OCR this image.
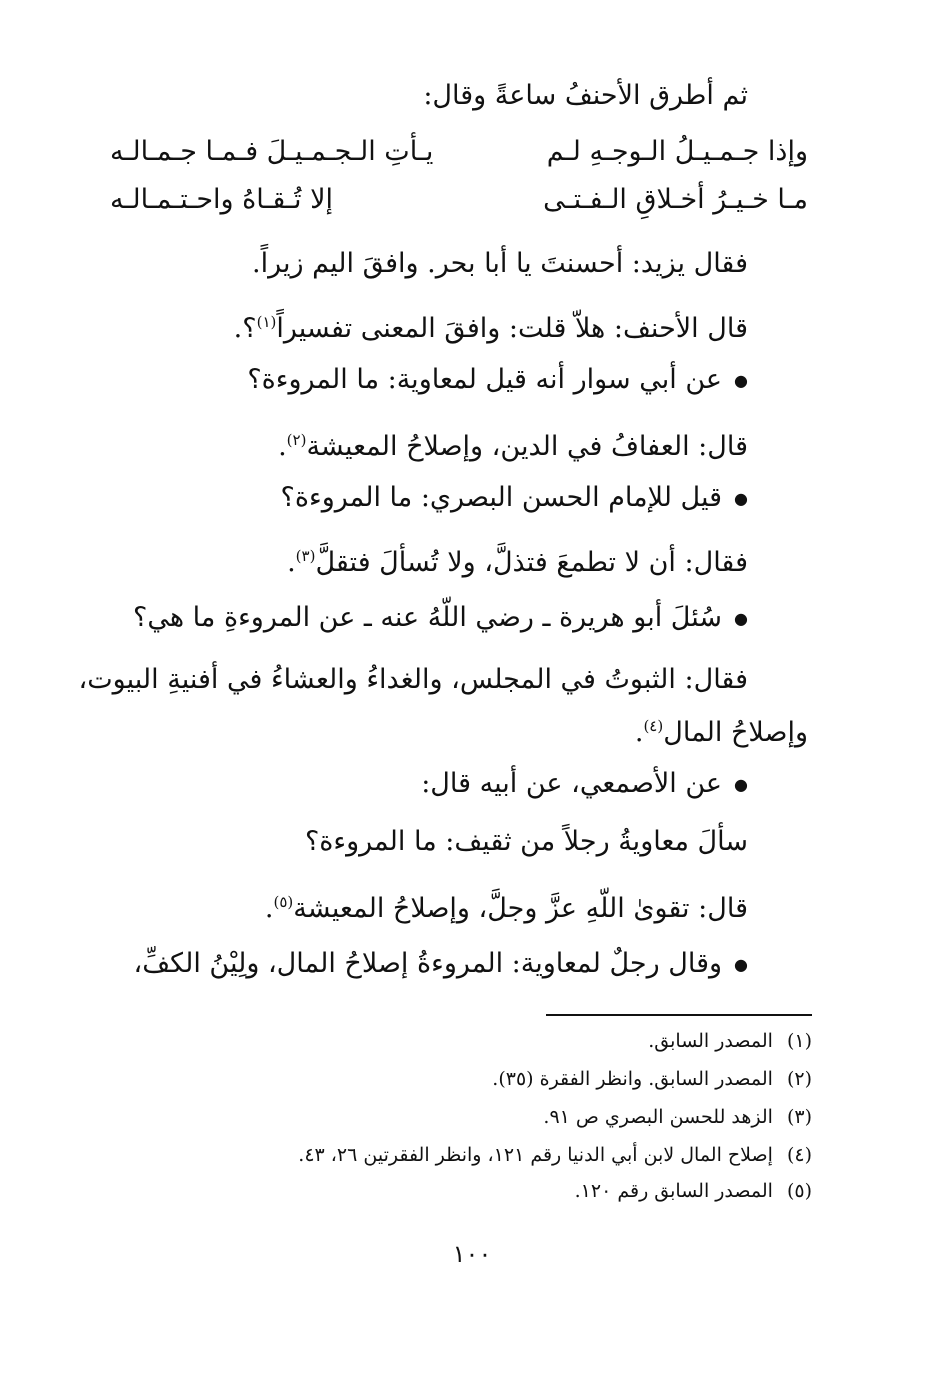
ثم أطرق الأحنفُ ساعةً وقال:
وإذا جـمـيـلُ الـوجـهِ لـم
يـأتِ الـجـمـيـلَ فـمـا جـمـالـه
مـا خـيـرُ أخـلاقِ الـفـتـى
إلا تُـقـاهُ واحـتـمـالـه
فقال يزيد: أحسنتَ يا أبا بحر. وافقَ اليم زيراً.
قال الأحنف: هلاّ قلت: وافقَ المعنى تفسيراً$^{(١)}$؟.
● عن أبي سوار أنه قيل لمعاوية: ما المروءة؟
قال: العفافُ في الدين، وإصلاحُ المعيشة$^{(٢)}$.
● قيل للإمام الحسن البصري: ما المروءة؟
فقال: أن لا تطمعَ فتذلَّ، ولا تُسألَ فتقلَّ$^{(٣)}$.
● سُئلَ أبو هريرة ـ رضي اللّهُ عنه ـ عن المروءةِ ما هي؟
فقال: الثبوتُ في المجلس، والغداءُ والعشاءُ في أفنيةِ البيوت،
وإصلاحُ المال$^{(٤)}$.
● عن الأصمعي، عن أبيه قال:
سألَ معاويةُ رجلاً من ثقيف: ما المروءة؟
قال: تقوىٰ اللّهِ عزَّ وجلَّ، وإصلاحُ المعيشة$^{(٥)}$.
● وقال رجلٌ لمعاوية: المروءةُ إصلاحُ المال، ولِيْنُ الكفِّ،
(١)المصدر السابق.
(٢)المصدر السابق. وانظر الفقرة (٣٥).
(٣)الزهد للحسن البصري ص ٩١.
(٤)إصلاح المال لابن أبي الدنيا رقم ١٢١، وانظر الفقرتين ٢٦، ٤٣.
(٥)المصدر السابق رقم ١٢٠.
١٠٠
